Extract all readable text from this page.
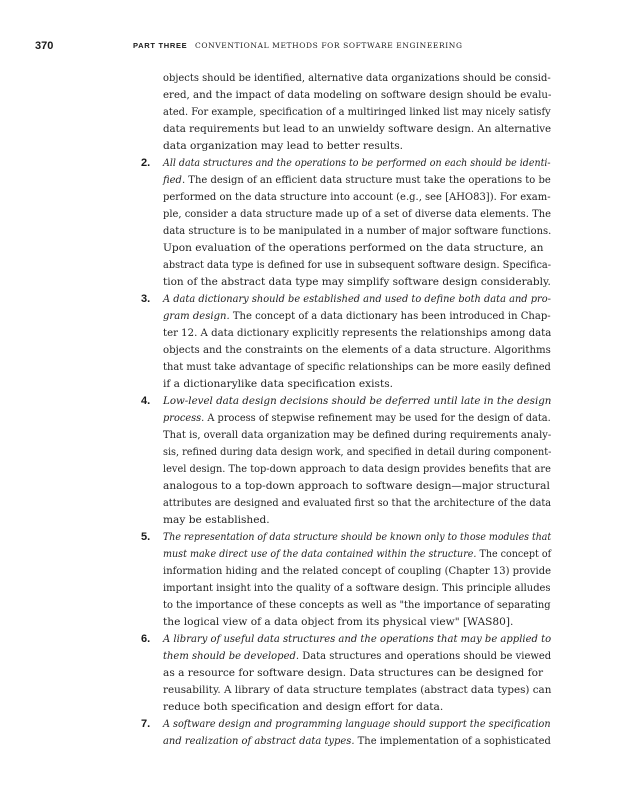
370	PART THREE CONVENTIONAL METHODS FOR SOFTWARE ENGINEERING
objects should be identified, alternative data organizations should be consid-
ered, and the impact of data modeling on software design should be evalu-
ated. For example, specification of a multiringed linked list may nicely satisfy
data requirements but lead to an unwieldy software design. An alternative
data organization may lead to better results.
2. All data structures and the operations to be performed on each should be identi-
fied. The design of an efficient data structure must take the operations to be
performed on the data structure into account (e.g., see [AHO83]). For exam-
ple, consider a data structure made up of a set of diverse data elements. The
data structure is to be manipulated in a number of major software functions.
Upon evaluation of the operations performed on the data structure, an
abstract data type is defined for use in subsequent software design. Specifica-
tion of the abstract data type may simplify software design considerably.
3. A data dictionary should be established and used to define both data and pro-
gram design. The concept of a data dictionary has been introduced in Chap-
ter 12. A data dictionary explicitly represents the relationships among data
objects and the constraints on the elements of a data structure. Algorithms
that must take advantage of specific relationships can be more easily defined
if a dictionarylike data specification exists.
4. Low-level data design decisions should be deferred until late in the design
process. A process of stepwise refinement may be used for the design of data.
That is, overall data organization may be defined during requirements analy-
sis, refined during data design work, and specified in detail during component-
level design. The top-down approach to data design provides benefits that are
analogous to a top-down approach to software design—major structural
attributes are designed and evaluated first so that the architecture of the data
may be established.
5. The representation of data structure should be known only to those modules that
must make direct use of the data contained within the structure. The concept of
information hiding and the related concept of coupling (Chapter 13) provide
important insight into the quality of a software design. This principle alludes
to the importance of these concepts as well as "the importance of separating
the logical view of a data object from its physical view" [WAS80].
6. A library of useful data structures and the operations that may be applied to
them should be developed. Data structures and operations should be viewed
as a resource for software design. Data structures can be designed for
reusability. A library of data structure templates (abstract data types) can
reduce both specification and design effort for data.
7. A software design and programming language should support the specification
and realization of abstract data types. The implementation of a sophisticated
